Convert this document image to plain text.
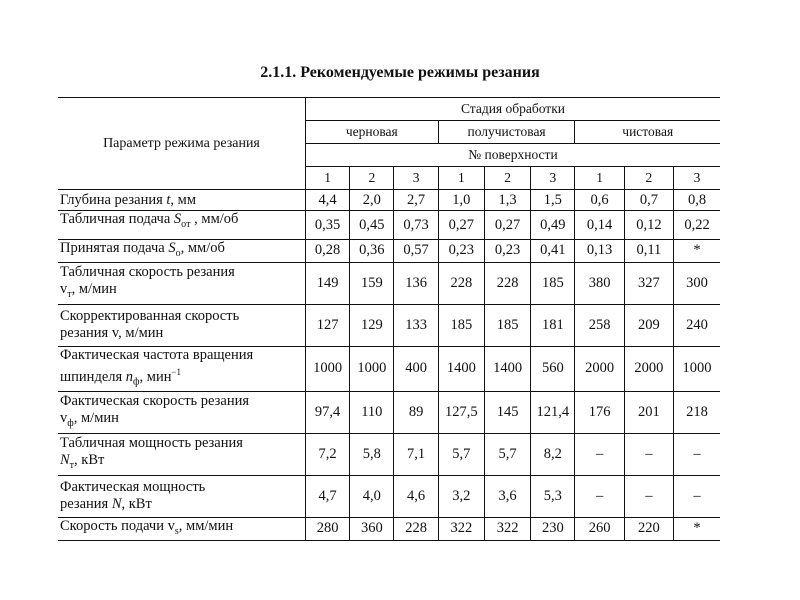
2.1.1. Рекомендуемые режимы резания
Параметр режима резания	Стадия обработки								
	черновая			получистовая			чистовая		
	№ поверхности								
	1	2	3	1	2	3	1	2	3
Глубина резания t, мм	4,4	2,0	2,7	1,0	1,3	1,5	0,6	0,7	0,8
Табличная подача $S_{от}$ , мм/об	0,35	0,45	0,73	0,27	0,27	0,49	0,14	0,12	0,22
Принятая подача $S_о$, мм/об	0,28	0,36	0,57	0,23	0,23	0,41	0,13	0,11	*
Табличная скорость резания
$v_т$, м/мин	149	159	136	228	228	185	380	327	300
Скорректированная скорость
резания v, м/мин	127	129	133	185	185	181	258	209	240
Фактическая частота вращения
шпинделя $n_ф$, мин$^{-1}$	1000	1000	400	1400	1400	560	2000	2000	1000
Фактическая скорость резания
$v_ф$, м/мин	97,4	110	89	127,5	145	121,4	176	201	218
Табличная мощность резания
$N_т$, кВт	7,2	5,8	7,1	5,7	5,7	8,2	–	–	–
Фактическая мощность
резания N, кВт	4,7	4,0	4,6	3,2	3,6	5,3	–	–	–
Скорость подачи $v_s$, мм/мин	280	360	228	322	322	230	260	220	*
